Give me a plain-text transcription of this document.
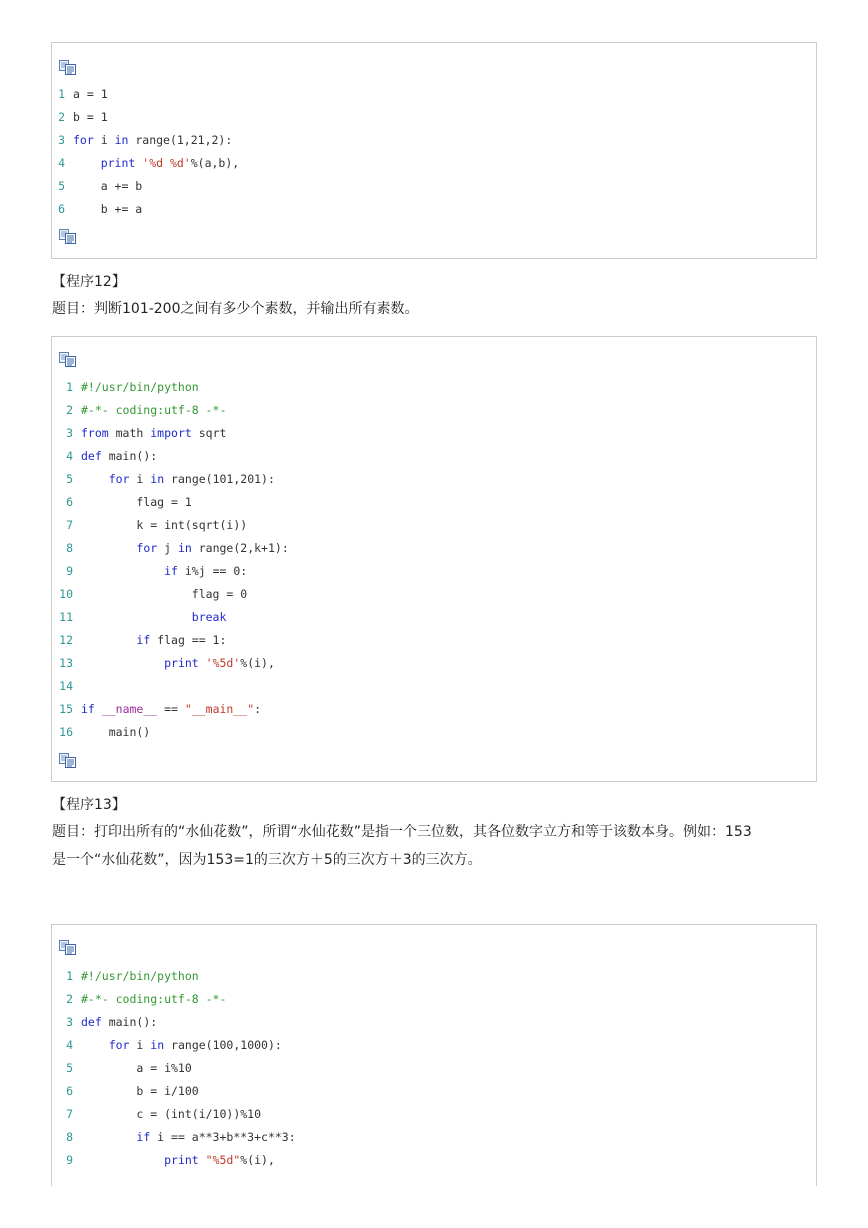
1 a = 1
2 b = 1
3 for i in range(1,21,2):
4	print '%d %d'%(a,b),
5 a += b
6 b += a
【程序12】
题目：判断101-200之间有多少个素数，并输出所有素数。
1 #!/usr/bin/python
2 #-*- coding:utf-8 -*-
3 from math import sqrt
4 def main():
5	for i in range(101,201):
6 flag = 1
7 k = int(sqrt(i))
8	for j in range(2,k+1):
9	if i%j == 0:
10 flag = 0
11	break
12	if flag == 1:
13	print '%5d'%(i),
14
15 if __name__ == "__main__":
16 main()
【程序13】
题目：打印出所有的“水仙花数”，所谓“水仙花数”是指一个三位数，其各位数字立方和等于该数本身。例如：153
是一个“水仙花数”，因为153=1的三次方＋5的三次方＋3的三次方。
1 #!/usr/bin/python
2 #-*- coding:utf-8 -*-
3 def main():
4	for i in range(100,1000):
5 a = i%10
6 b = i/100
7 c = (int(i/10))%10
8	if i == a**3+b**3+c**3:
9	print "%5d"%(i),
